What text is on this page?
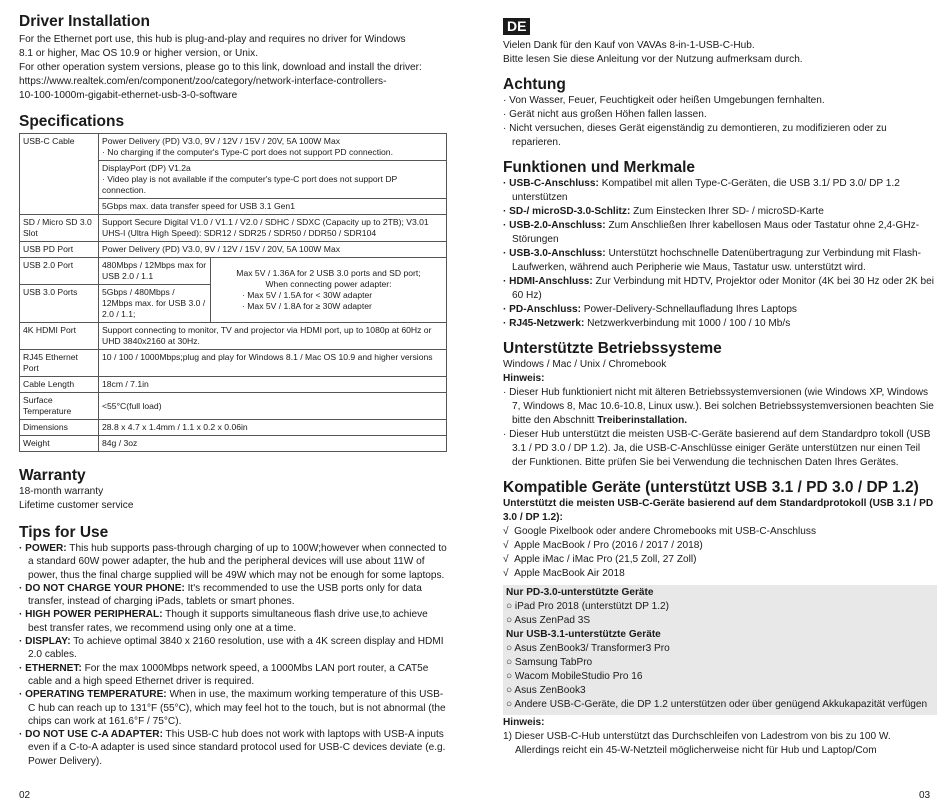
Driver Installation

For the Ethernet port use, this hub is plug-and-play and requires no driver for Windows

8.1 or higher, Mac OS 10.9 or higher version, or Unix.

For other operation system versions, please go to this link, download and install the driver:

https://www.realtek.com/en/component/zoo/category/network-interface-controllers-

10-100-1000m-gigabit-ethernet-usb-3-0-software

Specifications
USB-C Cable	Power Delivery (PD) V3.0, 9V / 12V / 15V / 20V, 5A 100W Max
· No charging if the computer's Type-C port does not support PD connection.	

	DisplayPort (DP) V1.2a
· Video play is not available if the computer's type-C port does not support DP connection.	

	5Gbps max. data transfer speed for USB 3.1 Gen1	
SD / Micro SD 3.0 Slot	Support Secure Digital V1.0 / V1.1 / V2.0 / SDHC / SDXC (Capacity up to 2TB); V3.01 UHS-I (Ultra High Speed): SDR12 / SDR25 / SDR50 / DDR50 / SDR104	
USB PD Port	Power Delivery (PD) V3.0, 9V / 12V / 15V / 20V, 5A 100W Max	
USB 2.0 Port	480Mbps / 12Mbps max for USB 2.0 / 1.1	Max 5V / 1.36A for 2 USB 3.0 ports and SD port;
When connecting power adapter:
· Max 5V / 1.5A for < 30W adapter
· Max 5V / 1.8A for ≥ 30W adapter

USB 3.0 Ports	5Gbps / 480Mbps / 12Mbps max. for USB 3.0 / 2.0 / 1.1;	
4K HDMI Port	Support connecting to monitor, TV and projector via HDMI port, up to 1080p at 60Hz or UHD 3840x2160 at 30Hz.	
RJ45 Ethernet Port	10 / 100 / 1000Mbps;plug and play for Windows 8.1 / Mac OS 10.9 and higher versions	
Cable Length	18cm / 7.1in	
Surface Temperature	<55°C(full load)	
Dimensions	28.8 x 4.7 x 1.4mm / 1.1 x 0.2 x 0.06in	
Weight	84g / 3oz	
Warranty

18-month warranty

Lifetime customer service

Tips for Use

· POWER: This hub supports pass-through charging of up to 100W;however when connected to a standard 60W power adapter, the hub and the peripheral devices will use about 11W of power, thus the final charge supplied will be 49W which may not be enough for some laptops.

· DO NOT CHARGE YOUR PHONE: It's recommended to use the USB ports only for data transfer, instead of charging iPads, tablets or smart phones.

· HIGH POWER PERIPHERAL: Though it supports simultaneous flash drive use,to achieve best transfer rates, we recommend using only one at a time.

· DISPLAY: To achieve optimal 3840 x 2160 resolution, use with a 4K screen display and HDMI 2.0 cables.

· ETHERNET: For the max 1000Mbps network speed, a 1000Mbs LAN port router, a CAT5e cable and a high speed Ethernet driver is required.

· OPERATING TEMPERATURE: When in use, the maximum working temperature of this USB-C hub can reach up to 131°F (55°C), which may feel hot to the touch, but is not abnormal (the chips can work at 161.6°F / 75°C).

· DO NOT USE C-A ADAPTER: This USB-C hub does not work with laptops with USB-A inputs even if a C-to-A adapter is used since standard protocol used for USB-C devices deviate (e.g. Power Delivery).

02
DE

Vielen Dank für den Kauf von VAVAs 8-in-1-USB-C-Hub.

Bitte lesen Sie diese Anleitung vor der Nutzung aufmerksam durch.

Achtung

· Von Wasser, Feuer, Feuchtigkeit oder heißen Umgebungen fernhalten.

· Gerät nicht aus großen Höhen fallen lassen.

· Nicht versuchen, dieses Gerät eigenständig zu demontieren, zu modifizieren oder zu reparieren.

Funktionen und Merkmale

· USB-C-Anschluss: Kompatibel mit allen Type-C-Geräten, die USB 3.1/ PD 3.0/ DP 1.2 unterstützen

· SD-/ microSD-3.0-Schlitz: Zum Einstecken Ihrer SD- / microSD-Karte

· USB-2.0-Anschluss: Zum Anschließen Ihrer kabellosen Maus oder Tastatur ohne 2,4-GHz-Störungen

· USB-3.0-Anschluss: Unterstützt hochschnelle Datenübertragung zur Verbindung mit Flash-Laufwerken, während auch Peripherie wie Maus, Tastatur usw. unterstützt wird.

· HDMI-Anschluss: Zur Verbindung mit HDTV, Projektor oder Monitor (4K bei 30 Hz oder 2K bei 60 Hz)

· PD-Anschluss: Power-Delivery-Schnellaufladung Ihres Laptops

· RJ45-Netzwerk: Netzwerkverbindung mit 1000 / 100 / 10 Mb/s

Unterstützte Betriebssysteme

Windows / Mac / Unix / Chromebook

Hinweis:

· Dieser Hub funktioniert nicht mit älteren Betriebssystemversionen (wie Windows XP, Windows 7, Windows 8, Mac 10.6-10.8, Linux usw.). Bei solchen Betriebssystemversionen beachten Sie bitte den Abschnitt Treiberinstallation.

· Dieser Hub unterstützt die meisten USB-C-Geräte basierend auf dem Standardpro tokoll (USB 3.1 / PD 3.0 / DP 1.2). Ja, die USB-C-Anschlüsse einiger Geräte unterstützen nur einen Teil der Funktionen. Bitte prüfen Sie bei Verwendung die technischen Daten Ihres Gerätes.

Kompatible Geräte (unterstützt USB 3.1 / PD 3.0 / DP 1.2)

Unterstützt die meisten USB-C-Geräte basierend auf dem Standardprotokoll (USB 3.1 / PD 3.0 / DP 1.2):

√ Google Pixelbook oder andere Chromebooks mit USB-C-Anschluss

√ Apple MacBook / Pro (2016 / 2017 / 2018)

√ Apple iMac / iMac Pro (21,5 Zoll, 27 Zoll)

√ Apple MacBook Air 2018

Nur PD-3.0-unterstützte Geräte

○ iPad Pro 2018 (unterstützt DP 1.2)

○ Asus ZenPad 3S

Nur USB-3.1-unterstützte Geräte

○ Asus ZenBook3/ Transformer3 Pro

○ Samsung TabPro

○ Wacom MobileStudio Pro 16

○ Asus ZenBook3

○ Andere USB-C-Geräte, die DP 1.2 unterstützen oder über genügend Akkukapazität verfügen

Hinweis:

1) Dieser USB-C-Hub unterstützt das Durchschleifen von Ladestrom von bis zu 100 W. Allerdings reicht ein 45-W-Netzteil möglicherweise nicht für Hub und Laptop/Com

03
